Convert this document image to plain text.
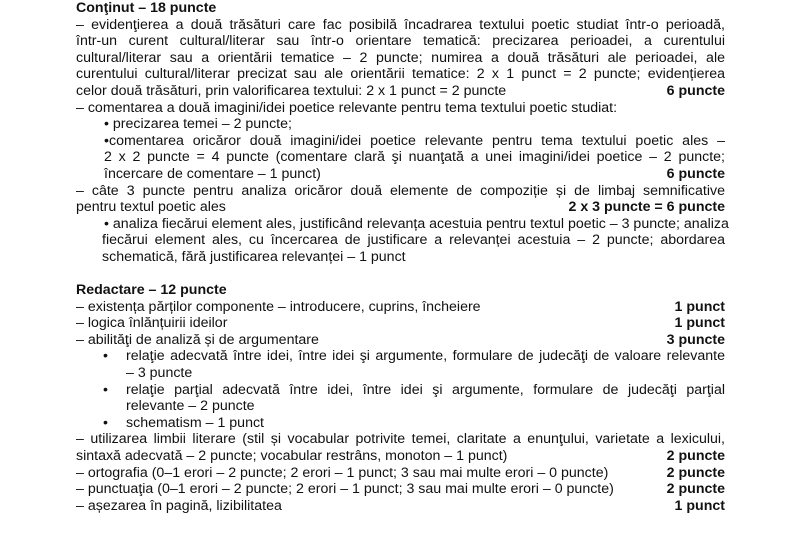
Conţinut – 18 puncte
– evidenţierea a două trăsături care fac posibilă încadrarea textului poetic studiat într-o perioadă,
într-un curent cultural/literar sau într-o orientare tematică: precizarea perioadei, a curentului
cultural/literar sau a orientării tematice – 2 puncte; numirea a două trăsături ale perioadei, ale
curentului cultural/literar precizat sau ale orientării tematice: 2 x 1 punct = 2 puncte; evidențierea
celor două trăsături, prin valorificarea textului: 2 x 1 punct = 2 puncte	6 puncte
– comentarea a două imagini/idei poetice relevante pentru tema textului poetic studiat:
• precizarea temei – 2 puncte;
•comentarea oricăror două imagini/idei poetice relevante pentru tema textului poetic ales –
2 x 2 puncte = 4 puncte (comentare clară şi nuanţată a unei imagini/idei poetice – 2 puncte;
încercare de comentare – 1 punct)	6 puncte
– câte 3 puncte pentru analiza oricăror două elemente de compoziție și de limbaj semnificative
pentru textul poetic ales	2 x 3 puncte = 6 puncte
• analiza fiecărui element ales, justificând relevanța acestuia pentru textul poetic – 3 puncte; analiza
fiecărui element ales, cu încercarea de justificare a relevanței acestuia – 2 puncte; abordarea
schematică, fără justificarea relevanței – 1 punct
Redactare – 12 puncte
– existența părților componente – introducere, cuprins, încheiere	1 punct
– logica înlănțuirii ideilor	1 punct
– abilităţi de analiză și de argumentare	3 puncte
• relaţie adecvată între idei, între idei şi argumente, formulare de judecăţi de valoare relevante
– 3 puncte
• relaţie parţial adecvată între idei, între idei şi argumente, formulare de judecăţi parţial
relevante – 2 puncte
• schematism – 1 punct
– utilizarea limbii literare (stil și vocabular potrivite temei, claritate a enunţului, varietate a lexicului,
sintaxă adecvată – 2 puncte; vocabular restrâns, monoton – 1 punct)	2 puncte
– ortografia (0–1 erori – 2 puncte; 2 erori – 1 punct; 3 sau mai multe erori – 0 puncte)	2 puncte
– punctuaţia (0–1 erori – 2 puncte; 2 erori – 1 punct; 3 sau mai multe erori – 0 puncte)	2 puncte
– așezarea în pagină, lizibilitatea	1 punct
